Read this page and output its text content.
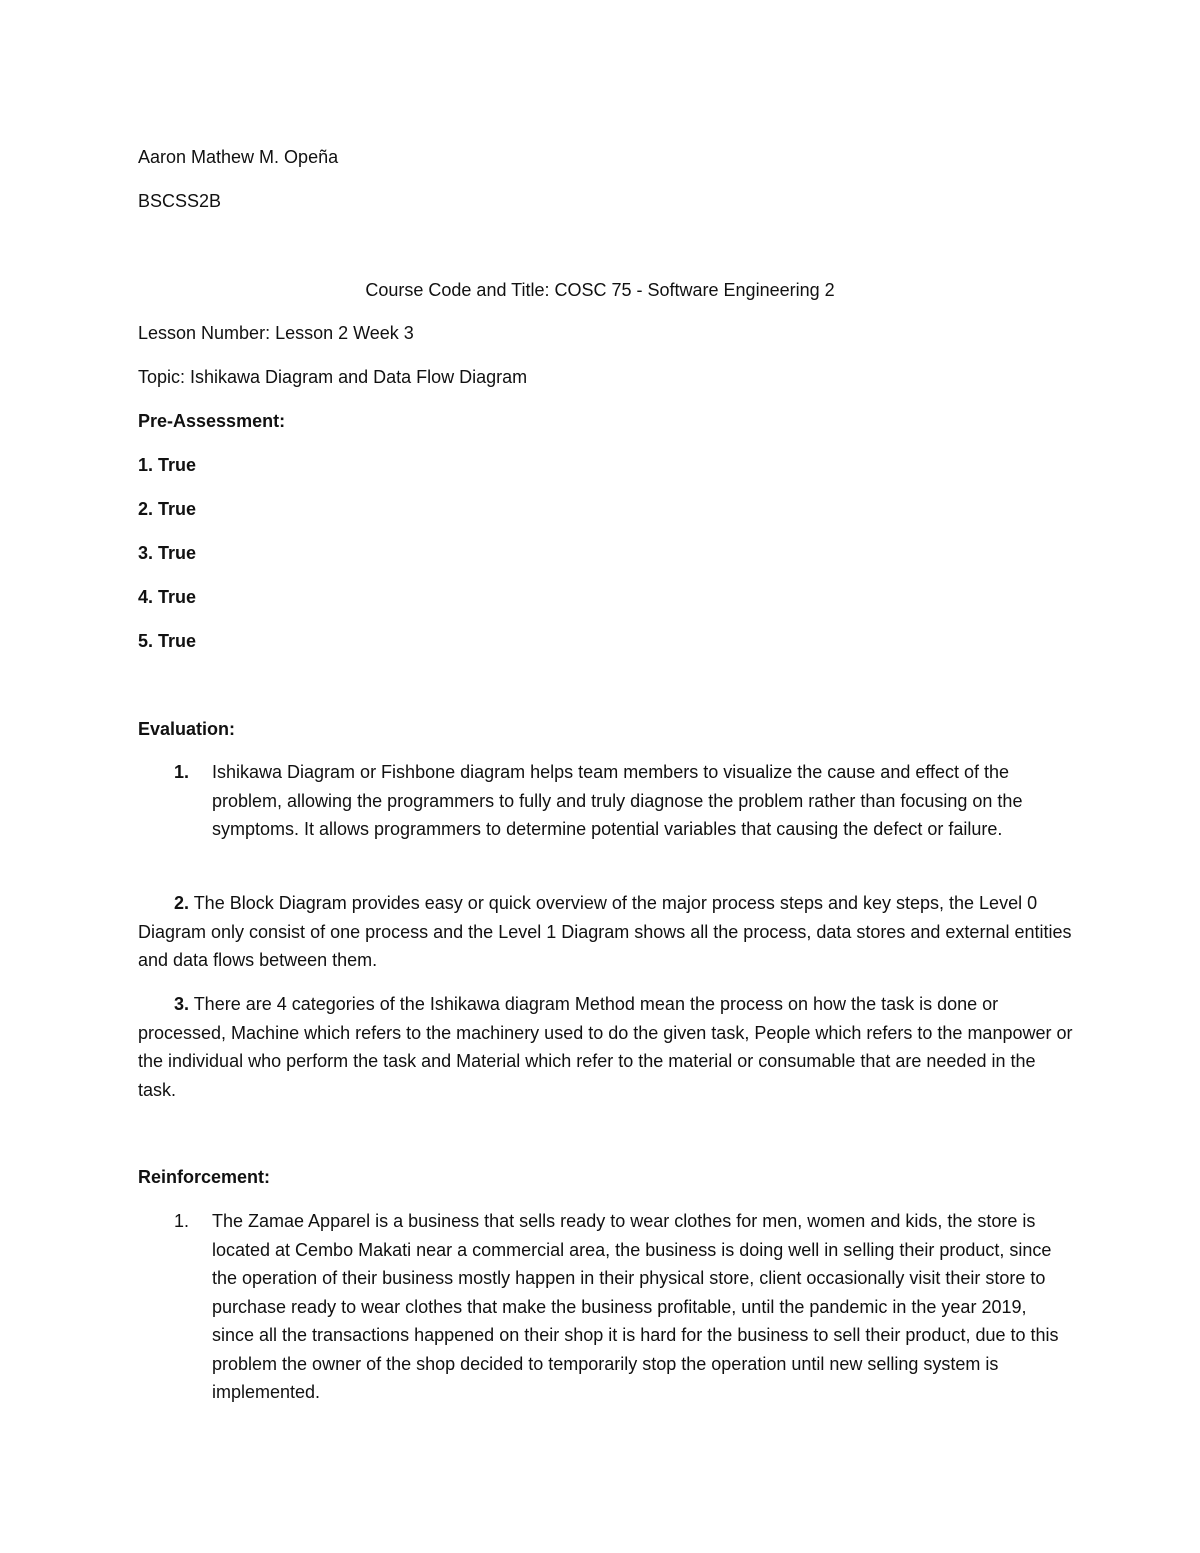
Aaron Mathew M. Opeña
BSCSS2B
Course Code and Title: COSC 75 - Software Engineering 2
Lesson Number: Lesson 2 Week 3
Topic: Ishikawa Diagram and Data Flow Diagram
Pre-Assessment:
1. True
2. True
3. True
4. True
5. True
Evaluation:
1. Ishikawa Diagram or Fishbone diagram helps team members to visualize the cause and effect of the problem, allowing the programmers to fully and truly diagnose the problem rather than focusing on the symptoms. It allows programmers to determine potential variables that causing the defect or failure.
2. The Block Diagram provides easy or quick overview of the major process steps and key steps, the Level 0 Diagram only consist of one process and the Level 1 Diagram shows all the process, data stores and external entities and data flows between them.
3. There are 4 categories of the Ishikawa diagram Method mean the process on how the task is done or processed, Machine which refers to the machinery used to do the given task, People which refers to the manpower or the individual who perform the task and Material which refer to the material or consumable that are needed in the task.
Reinforcement:
1. The Zamae Apparel is a business that sells ready to wear clothes for men, women and kids, the store is located at Cembo Makati near a commercial area, the business is doing well in selling their product, since the operation of their business mostly happen in their physical store, client occasionally visit their store to purchase ready to wear clothes that make the business profitable, until the pandemic in the year 2019, since all the transactions happened on their shop it is hard for the business to sell their product, due to this problem the owner of the shop decided to temporarily stop the operation until new selling system is implemented.
